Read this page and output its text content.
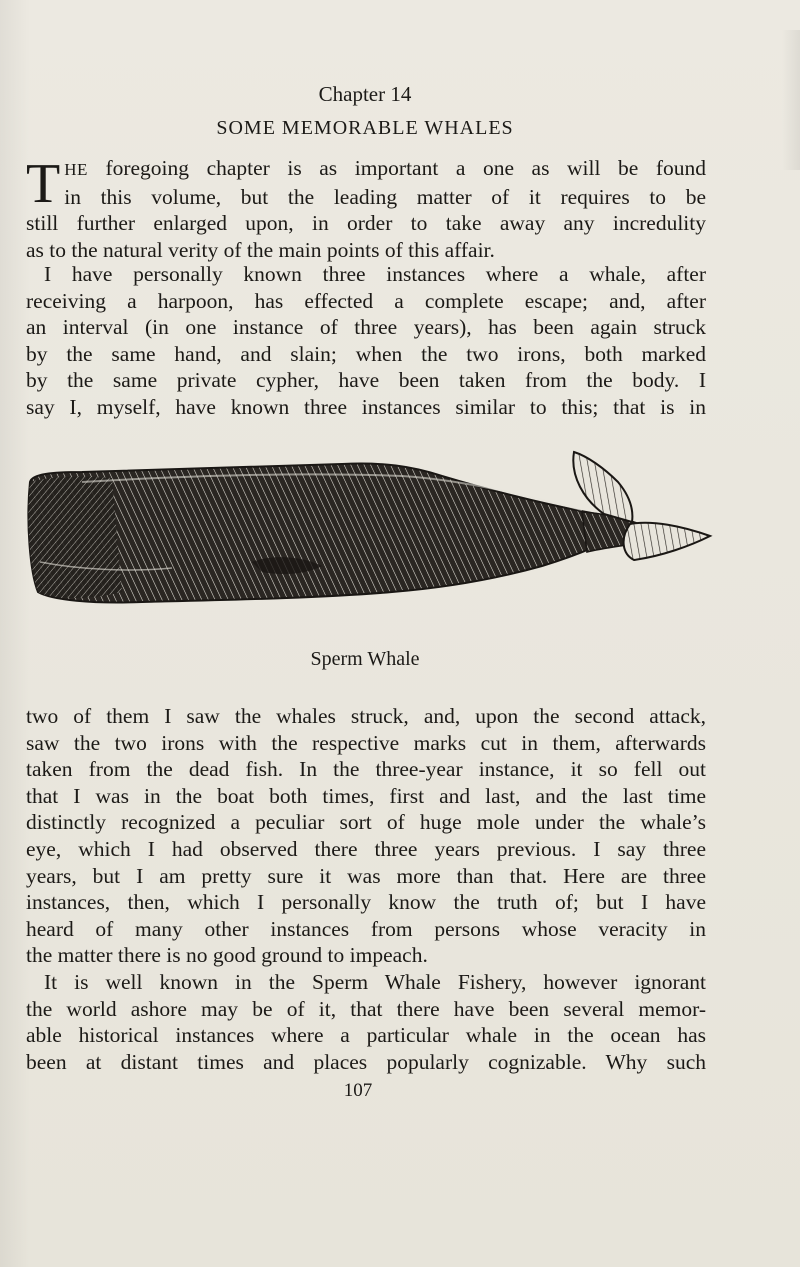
Chapter 14
SOME MEMORABLE WHALES
T HE foregoing chapter is as important a one as will be found
in this volume, but the leading matter of it requires to be
still further enlarged upon, in order to take away any incredulity
as to the natural verity of the main points of this affair.
I have personally known three instances where a whale, after
receiving a harpoon, has effected a complete escape; and, after
an interval (in one instance of three years), has been again struck
by the same hand, and slain; when the two irons, both marked
by the same private cypher, have been taken from the body. I
say I, myself, have known three instances similar to this; that is in
Sperm Whale
two of them I saw the whales struck, and, upon the second attack,
saw the two irons with the respective marks cut in them, afterwards
taken from the dead fish. In the three-year instance, it so fell out
that I was in the boat both times, first and last, and the last time
distinctly recognized a peculiar sort of huge mole under the whale’s
eye, which I had observed there three years previous. I say three
years, but I am pretty sure it was more than that. Here are three
instances, then, which I personally know the truth of; but I have
heard of many other instances from persons whose veracity in
the matter there is no good ground to impeach.
It is well known in the Sperm Whale Fishery, however ignorant
the world ashore may be of it, that there have been several memor-
able historical instances where a particular whale in the ocean has
been at distant times and places popularly cognizable. Why such
107
